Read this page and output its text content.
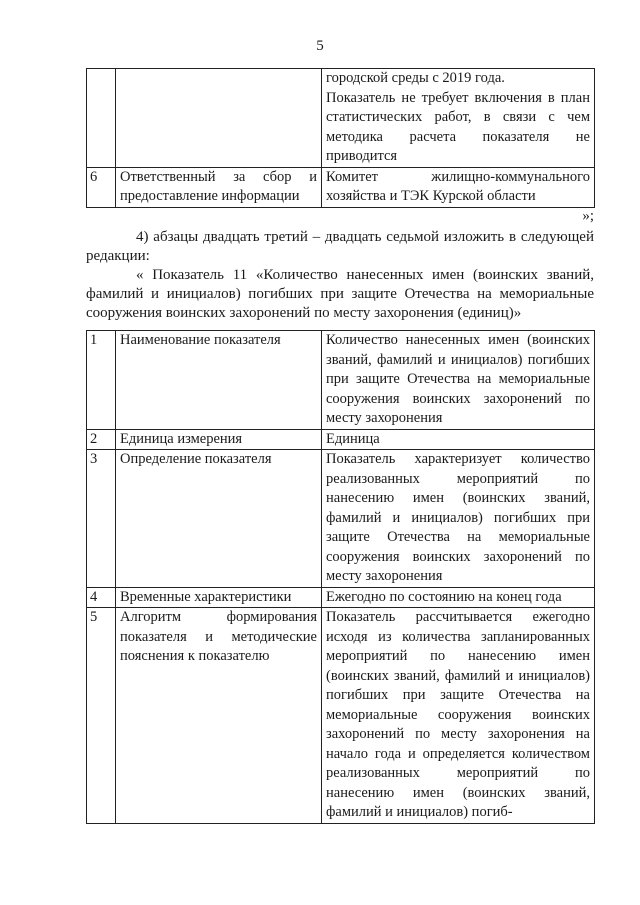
5
		городской среды с 2019 года.
Показатель не требует включения в план статистических работ, в связи с чем методика расчета показателя не приводится
6	Ответственный за сбор и предоставление информации	Комитет жилищно-коммунального хозяйства и ТЭК Курской области
»;
4) абзацы двадцать третий – двадцать седьмой изложить в следующей редакции:
« Показатель 11 «Количество нанесенных имен (воинских званий, фамилий и инициалов) погибших при защите Отечества на мемориальные сооружения воинских захоронений по месту захоронения (единиц)»
1	Наименование показателя	Количество нанесенных имен (воинских званий, фамилий и инициалов) погибших при защите Отечества на мемориальные сооружения воинских захоронений по месту захоронения
2	Единица измерения	Единица
3	Определение показателя	Показатель характеризует количество реализованных мероприятий по нанесению имен (воинских званий, фамилий и инициалов) погибших при защите Отечества на мемориальные сооружения воинских захоронений по месту захоронения
4	Временные характеристики	Ежегодно по состоянию на конец года
5	Алгоритм формирования показателя и методические пояснения к показателю	Показатель рассчитывается ежегодно исходя из количества запланированных мероприятий по нанесению имен (воинских званий, фамилий и инициалов) погибших при защите Отечества на мемориальные сооружения воинских захоронений по месту захоронения на начало года и определяется количеством реализованных мероприятий по нанесению имен (воинских званий, фамилий и инициалов) погиб-
